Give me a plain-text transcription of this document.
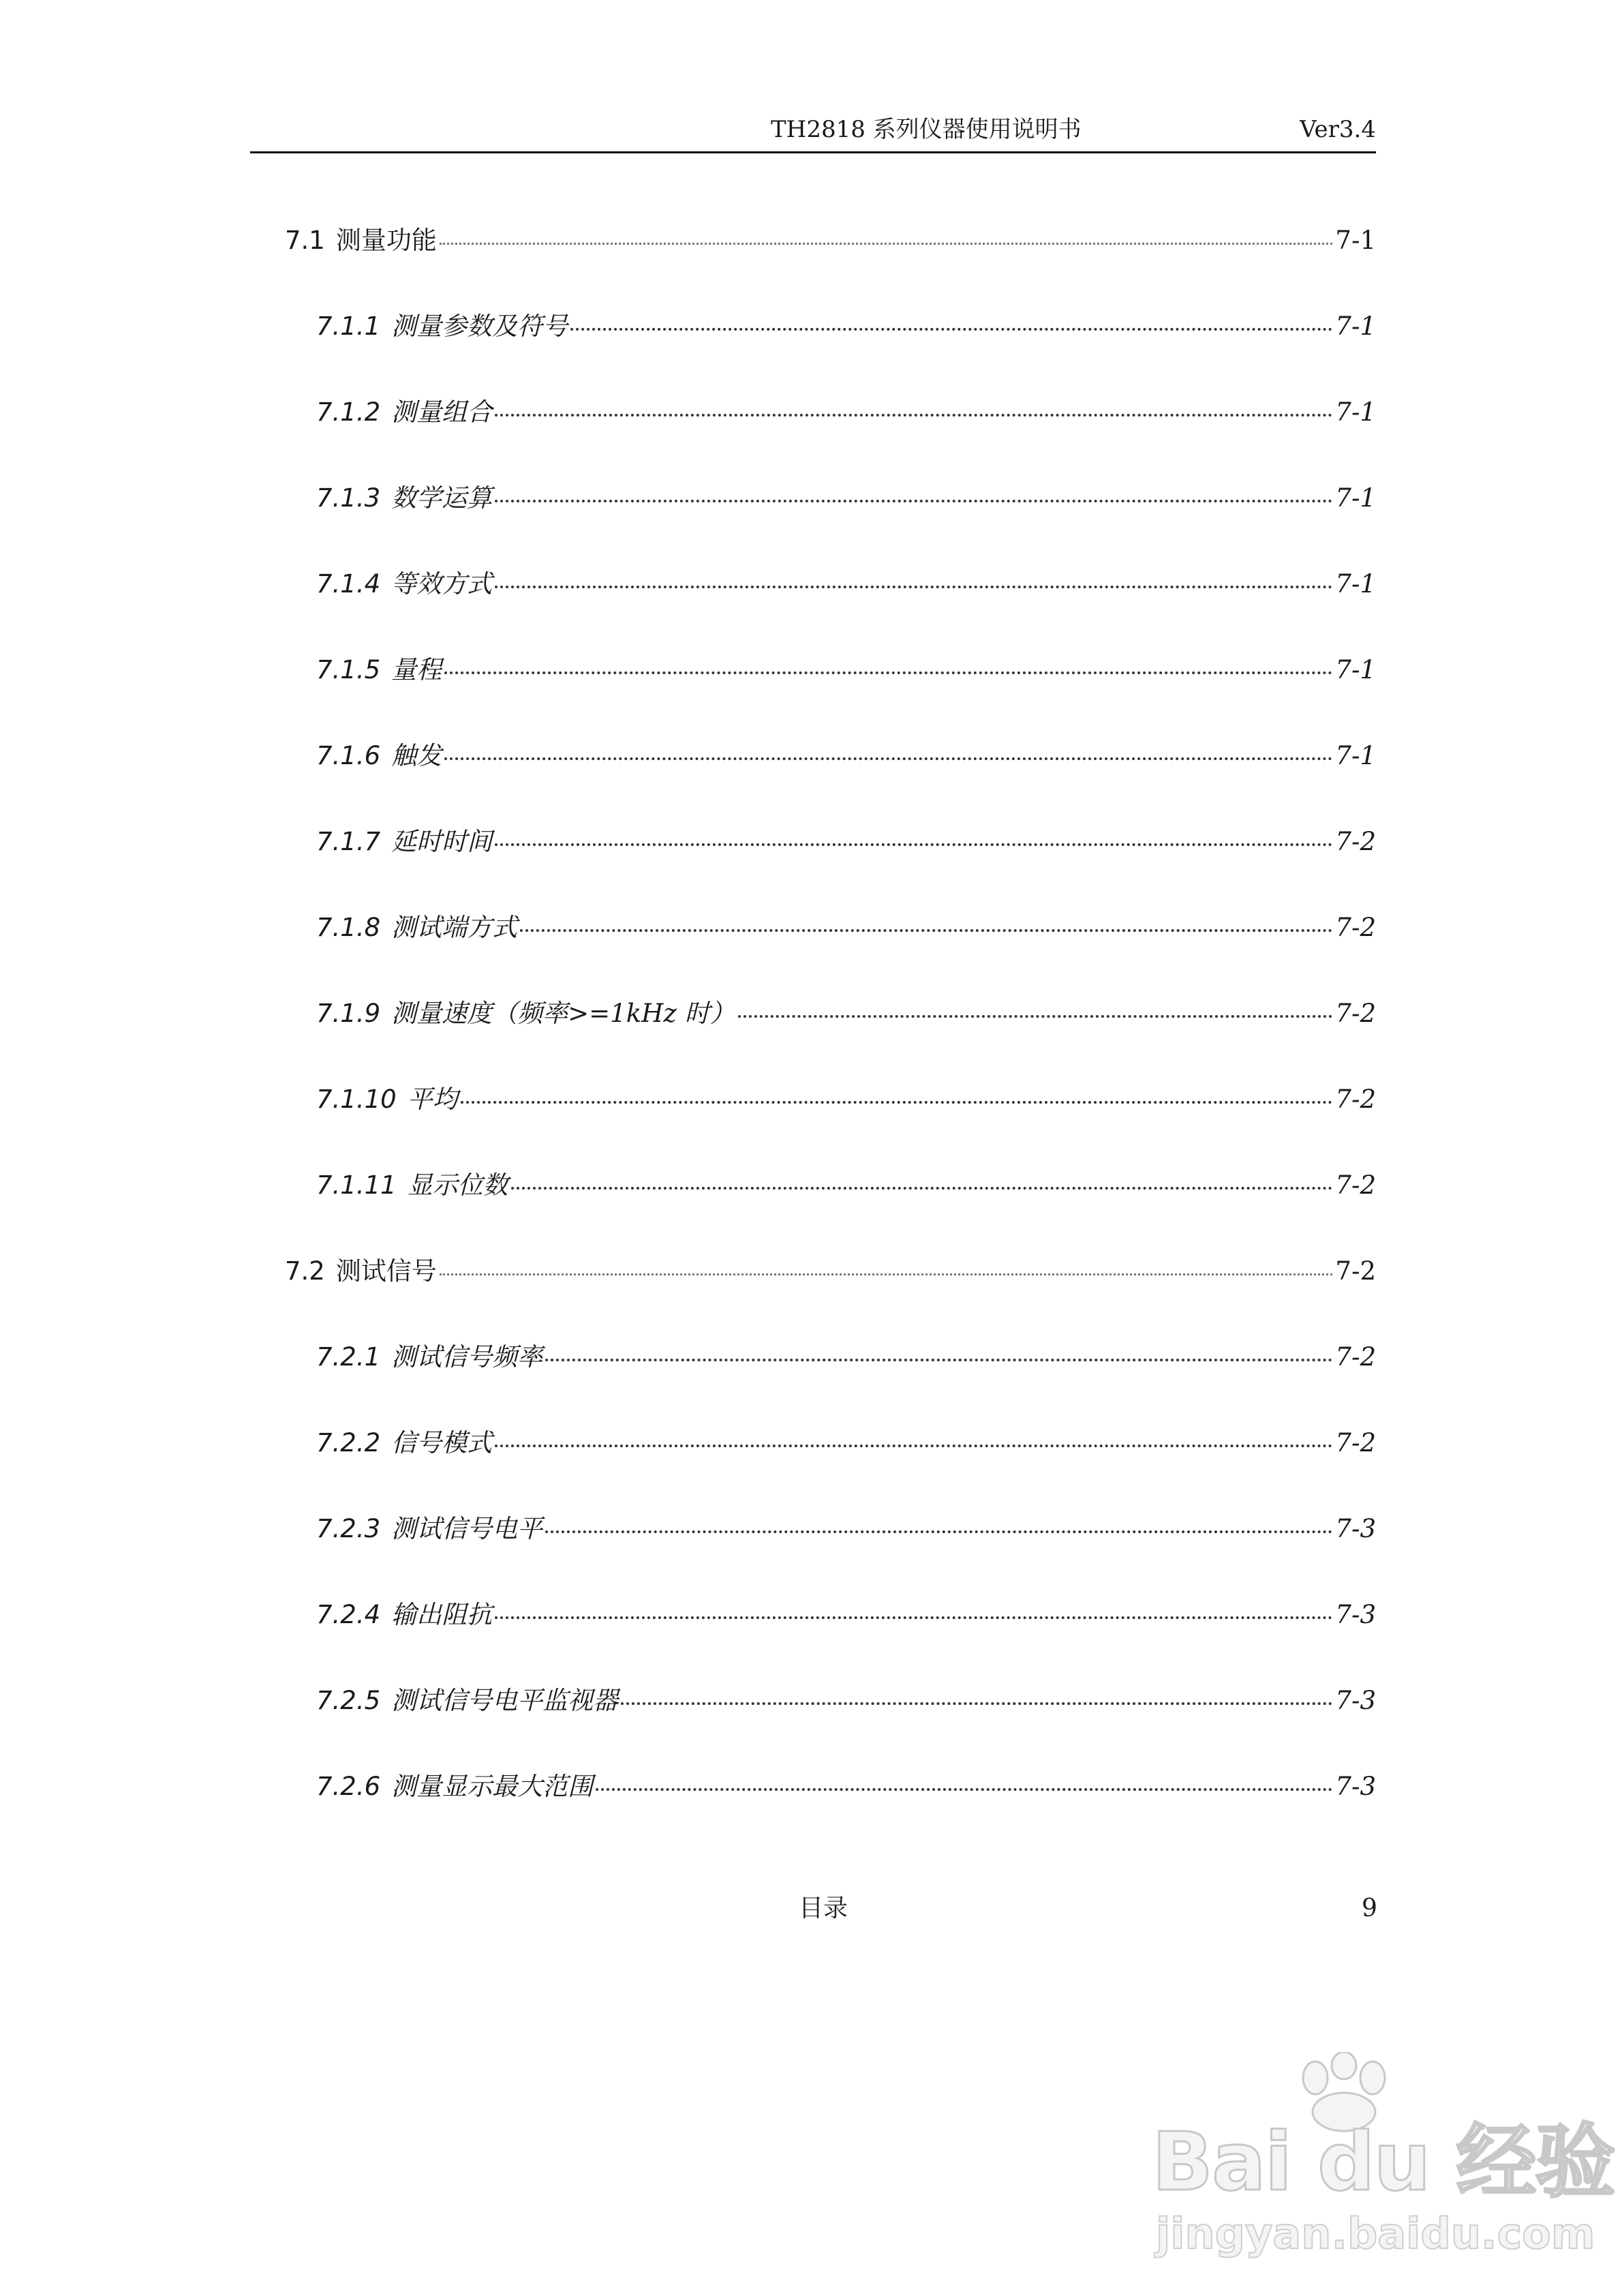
TH2818 系列仪器使用说明书	Ver3.4
7.1 测量功能	7-1
7.1.1 测量参数及符号	7-1
7.1.2 测量组合	7-1
7.1.3 数学运算	7-1
7.1.4 等效方式	7-1
7.1.5 量程	7-1
7.1.6 触发	7-1
7.1.7 延时时间	7-2
7.1.8 测试端方式	7-2
7.1.9 测量速度（频率>=1kHz 时）	7-2
7.1.10 平均	7-2
7.1.11 显示位数	7-2
7.2 测试信号	7-2
7.2.1 测试信号频率	7-2
7.2.2 信号模式	7-2
7.2.3 测试信号电平	7-3
7.2.4 输出阻抗	7-3
7.2.5 测试信号电平监视器	7-3
7.2.6 测量显示最大范围	7-3
目录	9
Bai du 经验
jingyan.baidu.com
